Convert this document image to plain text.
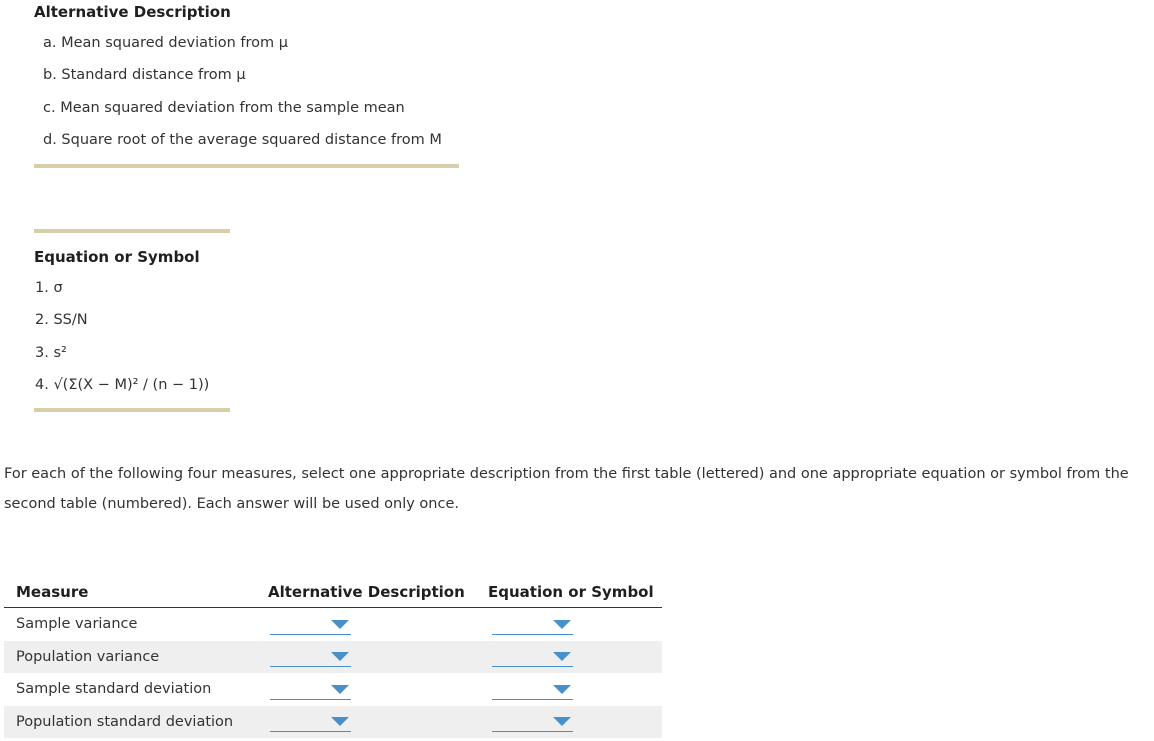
Alternative Description
a. Mean squared deviation from μ
b. Standard distance from μ
c. Mean squared deviation from the sample mean
d. Square root of the average squared distance from M
Equation or Symbol
1. σ
2. SS/N
3. s²
4. √(Σ(X − M)² / (n − 1))
For each of the following four measures, select one appropriate description from the first table (lettered) and one appropriate equation or symbol from the second table (numbered). Each answer will be used only once.
Measure	Alternative Description	Equation or Symbol
Sample variance	

Population variance	

Sample standard deviation	

Population standard deviation	
